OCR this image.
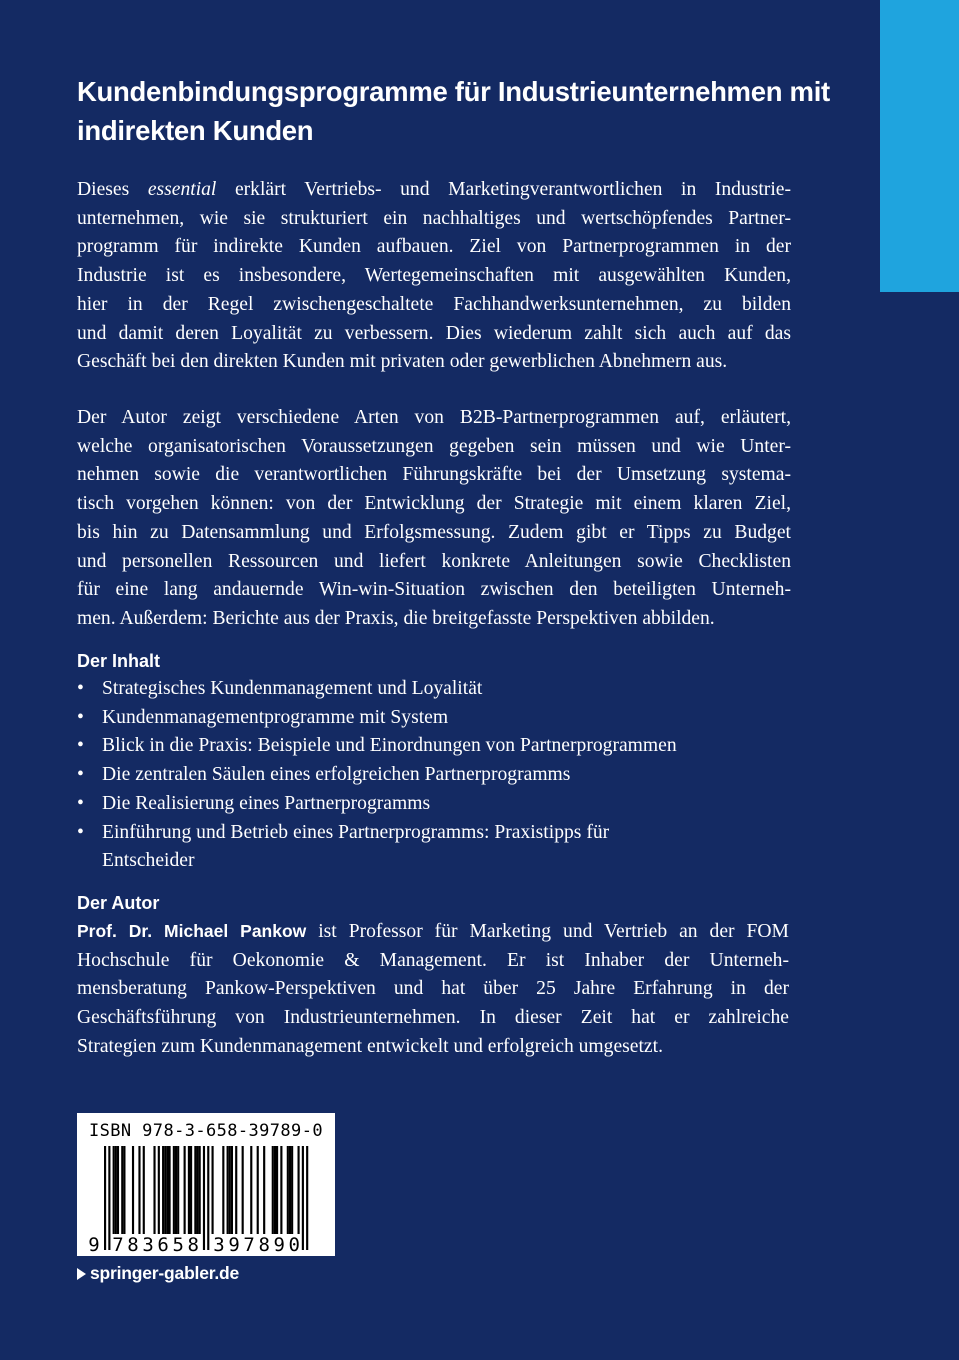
Kundenbindungsprogramme für Industrieunternehmen mit
indirekten Kunden

Dieses essential erklärt Vertriebs- und Marketingverantwortlichen in Industrie-
unternehmen, wie sie strukturiert ein nachhaltiges und wertschöpfendes Partner-
programm für indirekte Kunden aufbauen. Ziel von Partnerprogrammen in der
Industrie ist es insbesondere, Wertegemeinschaften mit ausgewählten Kunden,
hier in der Regel zwischengeschaltete Fachhandwerksunternehmen, zu bilden
und damit deren Loyalität zu verbessern. Dies wiederum zahlt sich auch auf das
Geschäft bei den direkten Kunden mit privaten oder gewerblichen Abnehmern aus.

Der Autor zeigt verschiedene Arten von B2B-Partnerprogrammen auf, erläutert,
welche organisatorischen Voraussetzungen gegeben sein müssen und wie Unter-
nehmen sowie die verantwortlichen Führungskräfte bei der Umsetzung systema-
tisch vorgehen können: von der Entwicklung der Strategie mit einem klaren Ziel,
bis hin zu Datensammlung und Erfolgsmessung. Zudem gibt er Tipps zu Budget
und personellen Ressourcen und liefert konkrete Anleitungen sowie Checklisten
für eine lang andauernde Win-win-Situation zwischen den beteiligten Unterneh-
men. Außerdem: Berichte aus der Praxis, die breitgefasste Perspektiven abbilden.

Der Inhalt
• Strategisches Kundenmanagement und Loyalität
• Kundenmanagementprogramme mit System
• Blick in die Praxis: Beispiele und Einordnungen von Partnerprogrammen
• Die zentralen Säulen eines erfolgreichen Partnerprogramms
• Die Realisierung eines Partnerprogramms
• Einführung und Betrieb eines Partnerprogramms: Praxistipps für Entscheider
Der Autor

Prof. Dr. Michael Pankow ist Professor für Marketing und Vertrieb an der FOM
Hochschule für Oekonomie & Management. Er ist Inhaber der Unterneh-
mensberatung Pankow-Perspektiven und hat über 25 Jahre Erfahrung in der
Geschäftsführung von Industrieunternehmen. In dieser Zeit hat er zahlreiche
Strategien zum Kundenmanagement entwickelt und erfolgreich umgesetzt.

9 7 8 3 6 5 8 3 9 7 8 9 0
ISBN 978-3-658-39789-0
springer-gabler.de
